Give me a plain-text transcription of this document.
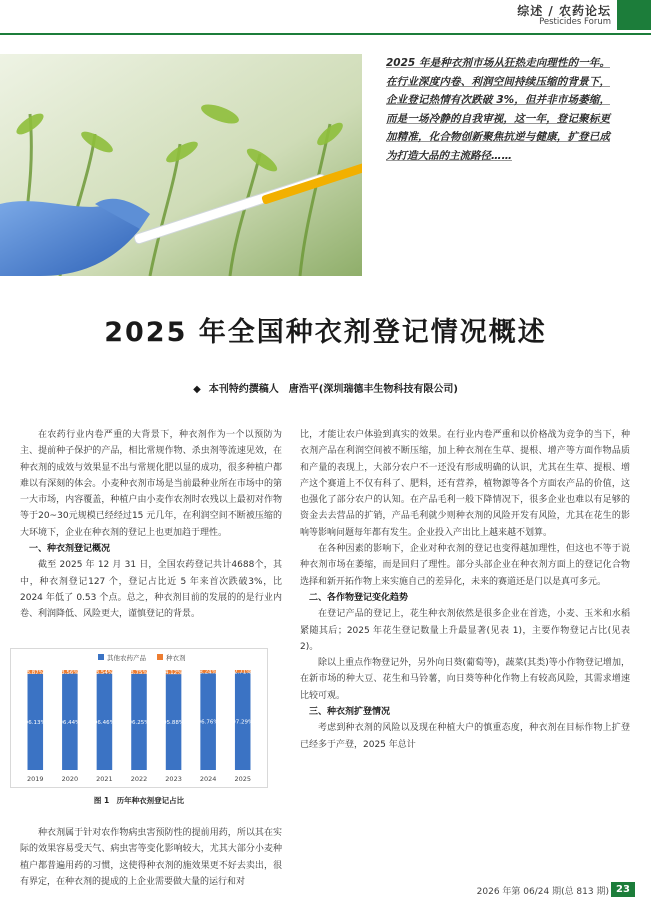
综述 / 农药论坛
Pesticides Forum
2025 年是种衣剂市场从狂热走向理性的一年。在行业深度内卷、利润空间持续压缩的背景下，企业登记热情有次跌破 3%，但并非市场萎缩，而是一场冷静的自我审视，这一年，登记聚标更加精准，化合物创新聚焦抗逆与健康，扩登已成为打造大品的主流路径……
2025 年全国种衣剂登记情况概述
◆ 本刊特约撰稿人　唐浩平(深圳瑞德丰生物科技有限公司)

在农药行业内卷严重的大背景下，种衣剂作为一个以预防为主、提前种子保护的产品，相比常规作物、杀虫剂等流速见效，在种衣剂的成效与效果显不出与常规化肥以显的成功，很多种植户都难以有深刻的体会。小麦种衣剂市场是当前最种业所在市场中的第一大市场，内容覆盖，种植户由小麦作农剂时农残以上最初对作物等于20~30元规模已经经过15 元几年，在利润空间不断被压缩的大环境下，企业在种衣剂的登记上也更加趋于理性。

一、种衣剂登记概况

截至 2025 年 12 月 31 日，全国农药登记共计4688个，其中，种衣剂登记127 个，登记占比近 5 年来首次跌破3%，比 2024 年低了 0.53 个点。总之，种衣剂目前的发展的的是行业内卷、利润降低、风险更大，谨慎登记的背景。

其他农药产品	种衣剂
96.13%
3.87%
2019
96.44%
3.56%
2020
96.46%
3.54%
2021
96.25%
3.75%
2022
95.88%
4.12%
2023
96.76%
3.24%
2024
97.29%
2.71%
2025
图 1　历年种衣剂登记占比

种衣剂属于针对农作物病虫害预防性的提前用药，所以其在实际的效果容易受天气、病虫害等变化影响较大，尤其大部分小麦种植户都普遍用药的习惯，这使得种衣剂的施效果更不好去卖出，很有界定，在种衣剂的提成的上企业需要做大量的运行和对

比，才能让农户体验到真实的效果。在行业内卷严重和以价格战为竞争的当下，种衣剂产品在利润空间被不断压缩，加上种衣剂在生草、提根、增产等方面作物品质和产量的表现上，大部分农户不一还没有形成明确的认识，尤其在生草、提根、增产这个赛道上不仅有科了、肥料，还有营养，植物源等各个方面农产品的价值，这也强化了部分农户的认知。在产品毛利一般下降情况下，很多企业也难以有足够的资金去去营品的扩销，产品毛利就少则种衣剂的风险开发有风险，尤其在花生的影响等影响问题每年都有发生。企业投入产出比上越来越不划算。

在各种因素的影响下，企业对种衣剂的登记也变得越加理性，但这也不等于说种衣剂市场在萎缩，而是回归了理性。部分头部企业在种衣剂方面上的登记化合物选择和新开拓作物上来实施自己的差异化，未来的赛道还是门以是真可多元。

二、各作物登记变化趋势

在登记产品的登记上，花生种衣剂依然是很多企业在首选，小麦、玉米和水稻紧随其后；2025 年花生登记数量上升最显著(见表 1)，主要作物登记占比(见表 2)。

除以上重点作物登记外，另外向日葵(葡萄等)，蔬菜(其类)等小作物登记增加，在新市场的种大豆、花生和马铃薯，向日葵等种化作物上有较高风险，其需求增速比较可观。

三、种衣剂扩登情况

考虑到种衣剂的风险以及现在种植大户的慎重态度，种衣剂在目标作物上扩登已经多于产登，2025 年总计

2026 年第 06/24 期(总 813 期) 23
